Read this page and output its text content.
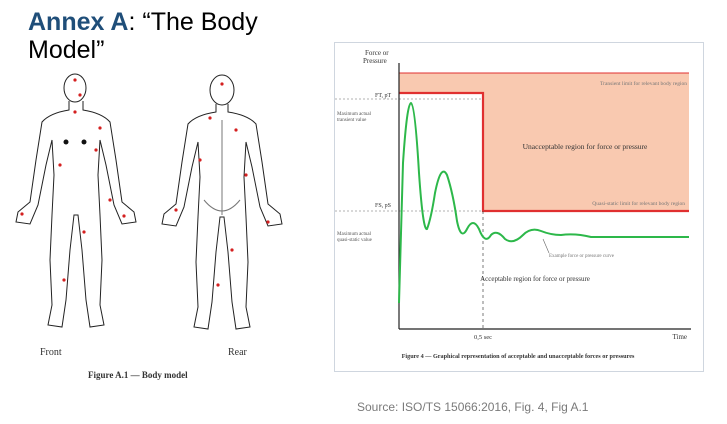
Annex A: “The Body
Model”
Front	Rear
Figure A.1 — Body model
Force or
Pressure
Time
Transient limit for relevant body region
Quasi-static limit for relevant body region
Unacceptable region for force or pressure
Acceptable region for force or pressure
Example force or pressure curve
FT, pT
Maximum actual
transient value
FS, pS
Maximum actual
quasi-static value
0,5 sec
Figure 4 — Graphical representation of acceptable and unacceptable forces or pressures
Source: ISO/TS 15066:2016, Fig. 4, Fig A.1
